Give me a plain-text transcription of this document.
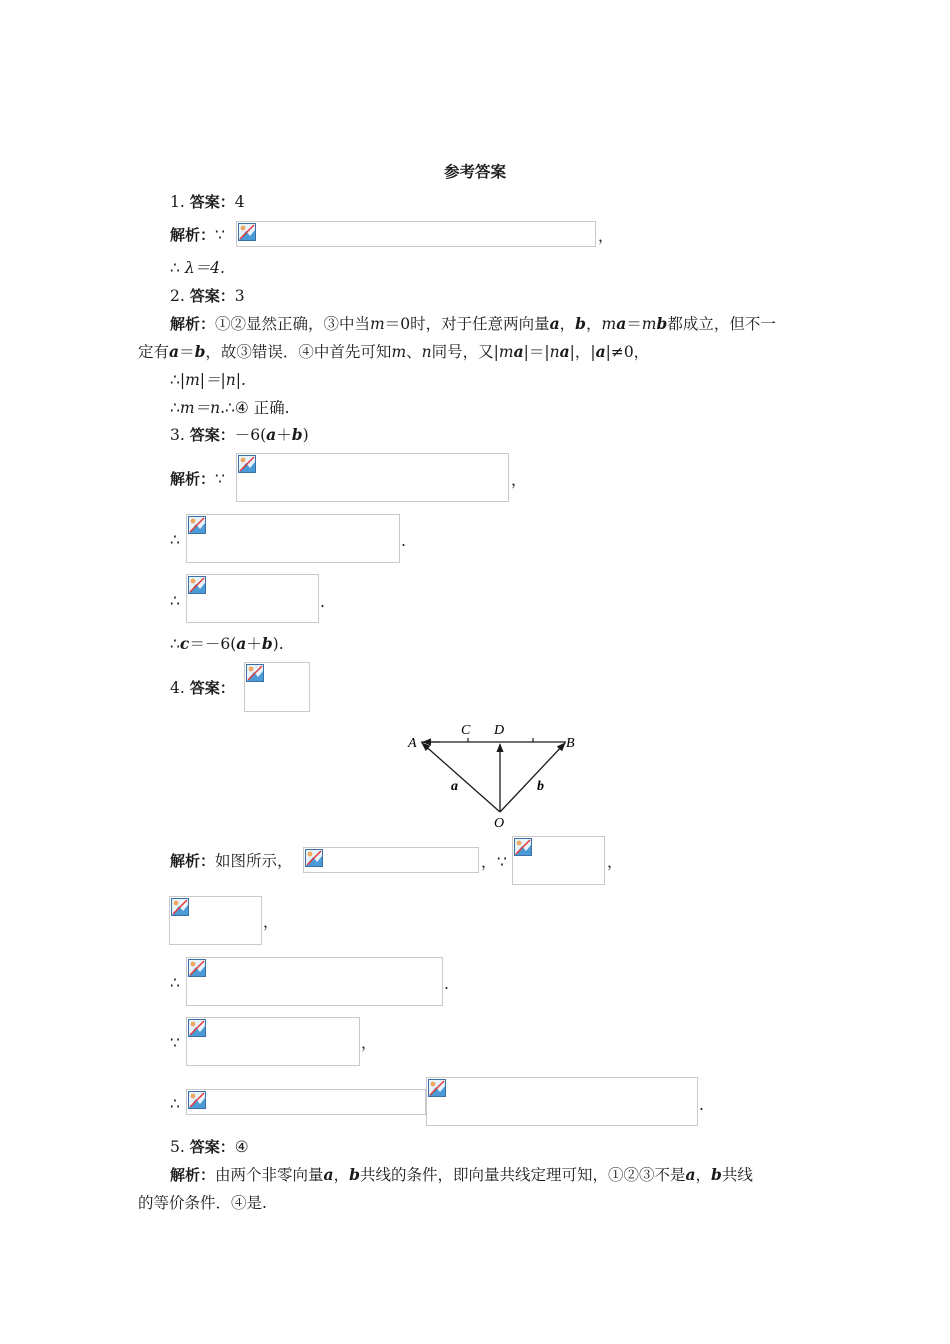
参考答案
1. 答案：4
解析：∵	，
∴ λ＝4.
2. 答案：3
解析：①②显然正确，③中当m＝0时，对于任意两向量a，b，ma＝mb都成立，但不一
定有a＝b，故③错误．④中首先可知m、n同号，又|ma|＝|na|，|a|≠0，
∴|m|＝|n|.
∴m＝n.∴④ 正确.
3. 答案：－6(a＋b)
解析：∵	，
∴	.
∴	.
∴c＝－6(a＋b).
4. 答案：
A
C D
B
O
a	b
解析：如图所示，	， ∵	，
，
∴	.
∵	，
∴	.
5. 答案：④
解析：由两个非零向量a，b共线的条件，即向量共线定理可知，①②③不是a，b共线
的等价条件．④是.
